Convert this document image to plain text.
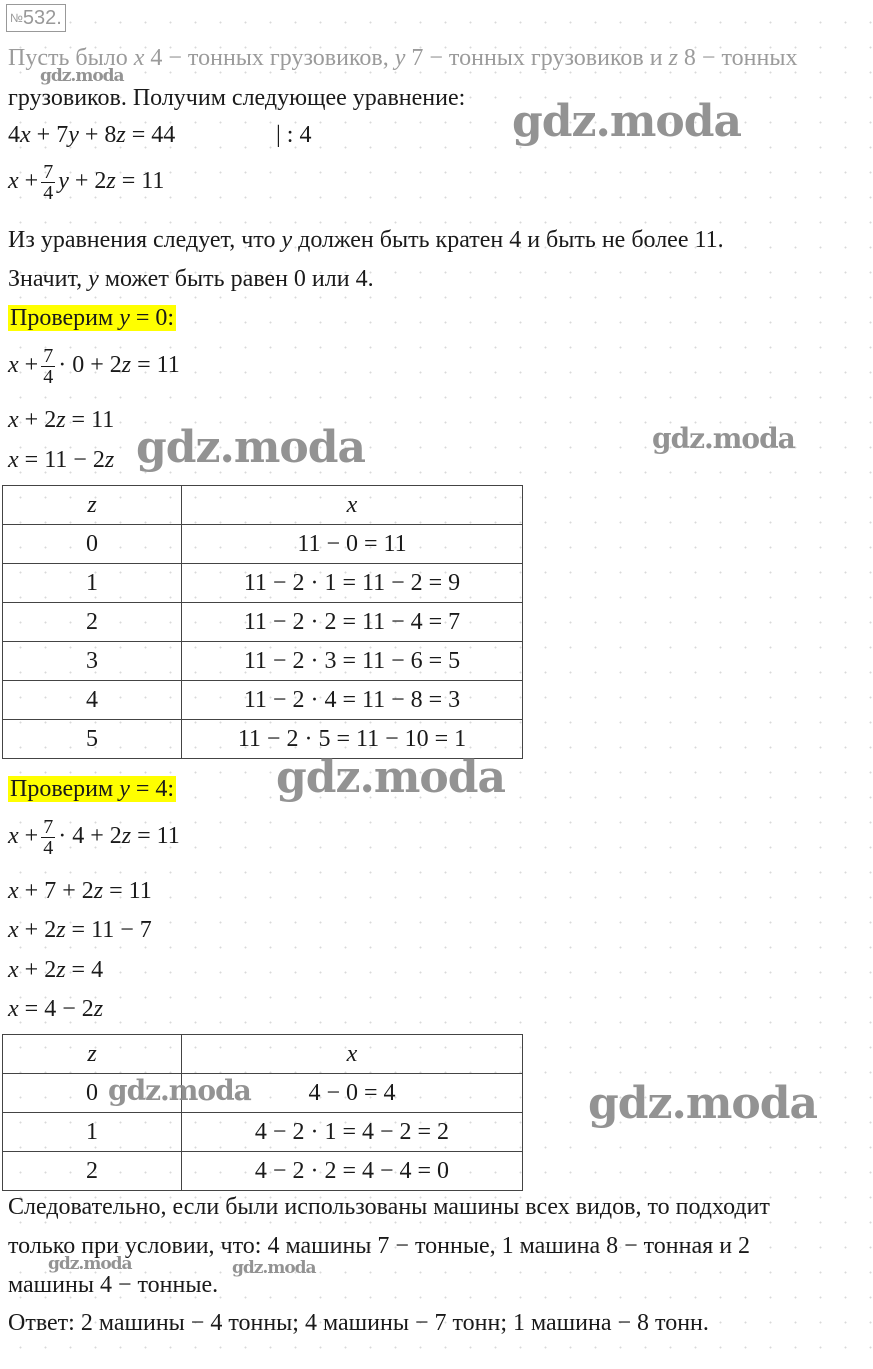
№532.
Пусть было x 4 − тонных грузовиков, y 7 − тонных грузовиков и z 8 − тонных
грузовиков. Получим следующее уравнение:
4x + 7y + 8z = 44	| : 4
$x + \frac{7}{4}$ y + 2z = 11
Из уравнения следует, что y должен быть кратен 4 и быть не более 11.
Значит, y может быть равен 0 или 4.
Проверим y = 0:
$x + \frac{7}{4} \cdot 0 + 2z = 11$
x + 2z = 11
x = 11 − 2z
z	x
0	11 − 0 = 11
1	11 − 2 · 1 = 11 − 2 = 9
2	11 − 2 · 2 = 11 − 4 = 7
3	11 − 2 · 3 = 11 − 6 = 5
4	11 − 2 · 4 = 11 − 8 = 3
5	11 − 2 · 5 = 11 − 10 = 1
Проверим y = 4:
$x + \frac{7}{4} \cdot 4 + 2z = 11$
x + 7 + 2z = 11
x + 2z = 11 − 7
x + 2z = 4
x = 4 − 2z
z	x
0	4 − 0 = 4
1	4 − 2 · 1 = 4 − 2 = 2
2	4 − 2 · 2 = 4 − 4 = 0
Следовательно, если были использованы машины всех видов, то подходит
только при условии, что: 4 машины 7 − тонные, 1 машина 8 − тонная и 2
машины 4 − тонные.
Ответ: 2 машины − 4 тонны; 4 машины − 7 тонн; 1 машина − 8 тонн.
gdz.moda
gdz.moda
gdz.moda	gdz.moda
gdz.moda
gdz.moda	gdz.moda
gdz.moda	gdz.moda
